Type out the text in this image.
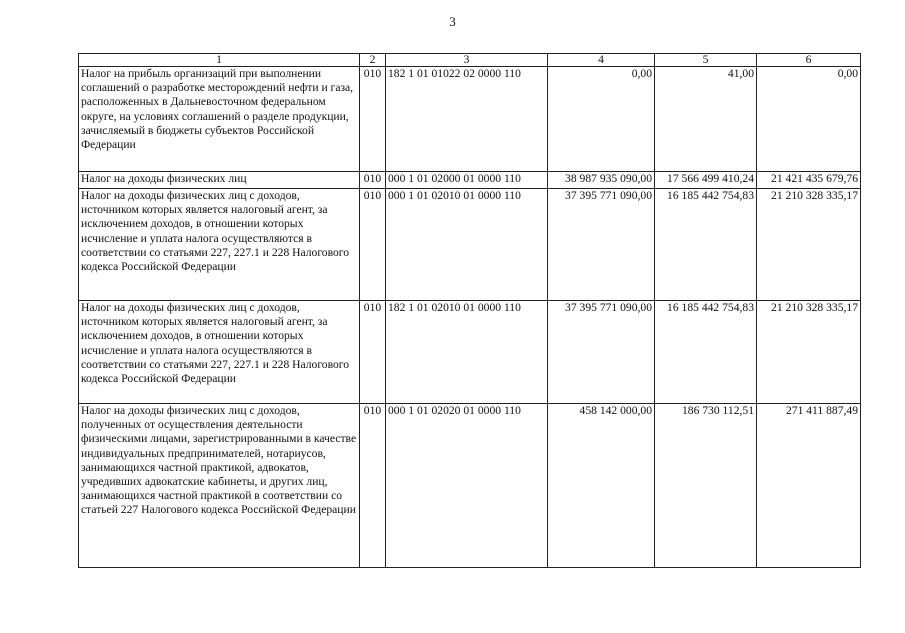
3
1	2	3	4	5	6
Налог на прибыль организаций при выполнении соглашений о разработке месторождений нефти и газа, расположенных в Дальневосточном федеральном округе, на условиях соглашений о разделе продукции, зачисляемый в бюджеты субъектов Российской Федерации	010	182 1 01 01022 02 0000 110	0,00	41,00	0,00
Налог на доходы физических лиц	010	000 1 01 02000 01 0000 110	38 987 935 090,00	17 566 499 410,24	21 421 435 679,76
Налог на доходы физических лиц с доходов, источником которых является налоговый агент, за исключением доходов, в отношении которых исчисление и уплата налога осуществляются в соответствии со статьями 227, 227.1 и 228 Налогового кодекса Российской Федерации	010	000 1 01 02010 01 0000 110	37 395 771 090,00	16 185 442 754,83	21 210 328 335,17
Налог на доходы физических лиц с доходов, источником которых является налоговый агент, за исключением доходов, в отношении которых исчисление и уплата налога осуществляются в соответствии со статьями 227, 227.1 и 228 Налогового кодекса Российской Федерации	010	182 1 01 02010 01 0000 110	37 395 771 090,00	16 185 442 754,83	21 210 328 335,17
Налог на доходы физических лиц с доходов, полученных от осуществления деятельности физическими лицами, зарегистрированными в качестве индивидуальных предпринимателей, нотариусов, занимающихся частной практикой, адвокатов, учредивших адвокатские кабинеты, и других лиц, занимающихся частной практикой в соответствии со статьей 227 Налогового кодекса Российской Федерации	010	000 1 01 02020 01 0000 110	458 142 000,00	186 730 112,51	271 411 887,49
